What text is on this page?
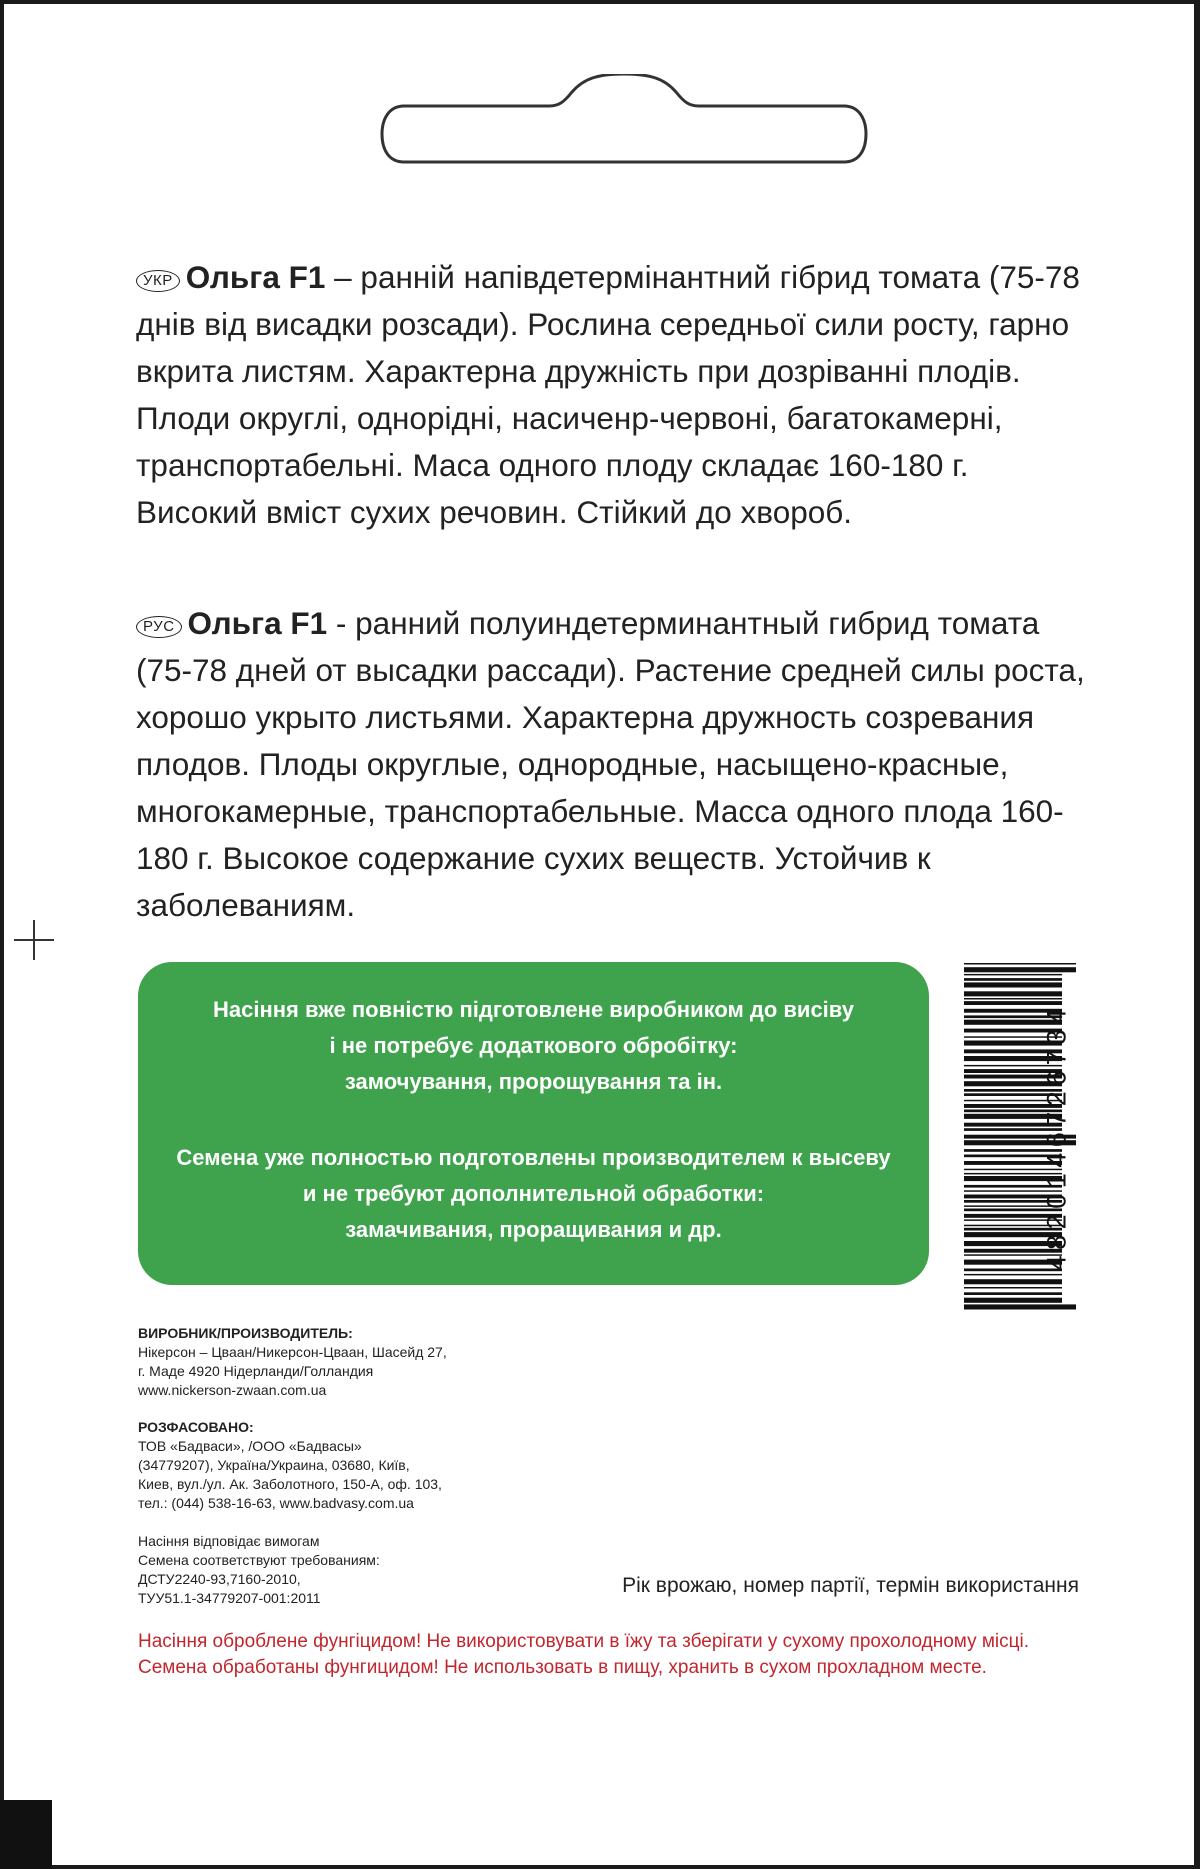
УКР Ольга F1 – ранній напівдетермінантний гібрид томата (75-78 днів від висадки розсади). Рослина середньої сили росту, гарно вкрита листям. Характерна дружність при дозріванні плодів. Плоди округлі, однорідні, насиченр-червоні, багатокамерні, транспортабельні. Маса одного плоду складає 160-180 г. Високий вміст сухих речовин. Стійкий до хвороб.

РУС Ольга F1 - ранний полуиндетерминантный гибрид томата (75-78 дней от высадки рассади). Растение средней силы роста, хорошо укрыто листьями. Характерна дружность созревания плодов. Плоды округлые, однородные, насыщено-красные, многокамерные, транспортабельные. Масса одного плода 160-180 г. Высокое содержание сухих веществ. Устойчив к заболеваниям.

Насіння вже повністю підготовлене виробником до висіву
і не потребує додаткового обробітку:
замочування, пророщування та ін.
Семена уже полностью подготовлены производителем к высеву
и не требуют дополнительной обработки:
замачивания, проращивания и др.	4820146726734
ВИРОБНИК/ПРОИЗВОДИТЕЛЬ:
Нікерсон – Цваан/Никерсон-Цваан, Шасейд 27,
г. Маде 4920 Нідерланди/Голландия
www.nickerson-zwaan.com.ua
РОЗФАСОВАНО:
ТОВ «Бадваси», /ООО «Бадвасы»
(34779207), Україна/Украина, 03680, Київ,
Киев, вул./ул. Ак. Заболотного, 150-А, оф. 103,
тел.: (044) 538-16-63, www.badvasy.com.ua
Насіння відповідає вимогам
Семена соответствуют требованиям:
ДСТУ2240-93,7160-2010,
ТУУ51.1-34779207-001:2011
Рік врожаю, номер партії, термін використання
Насіння оброблене фунгіцидом! Не використовувати в їжу та зберігати у сухому прохолодному місці.
Семена обработаны фунгицидом! Не использовать в пищу, хранить в сухом прохладном месте.
